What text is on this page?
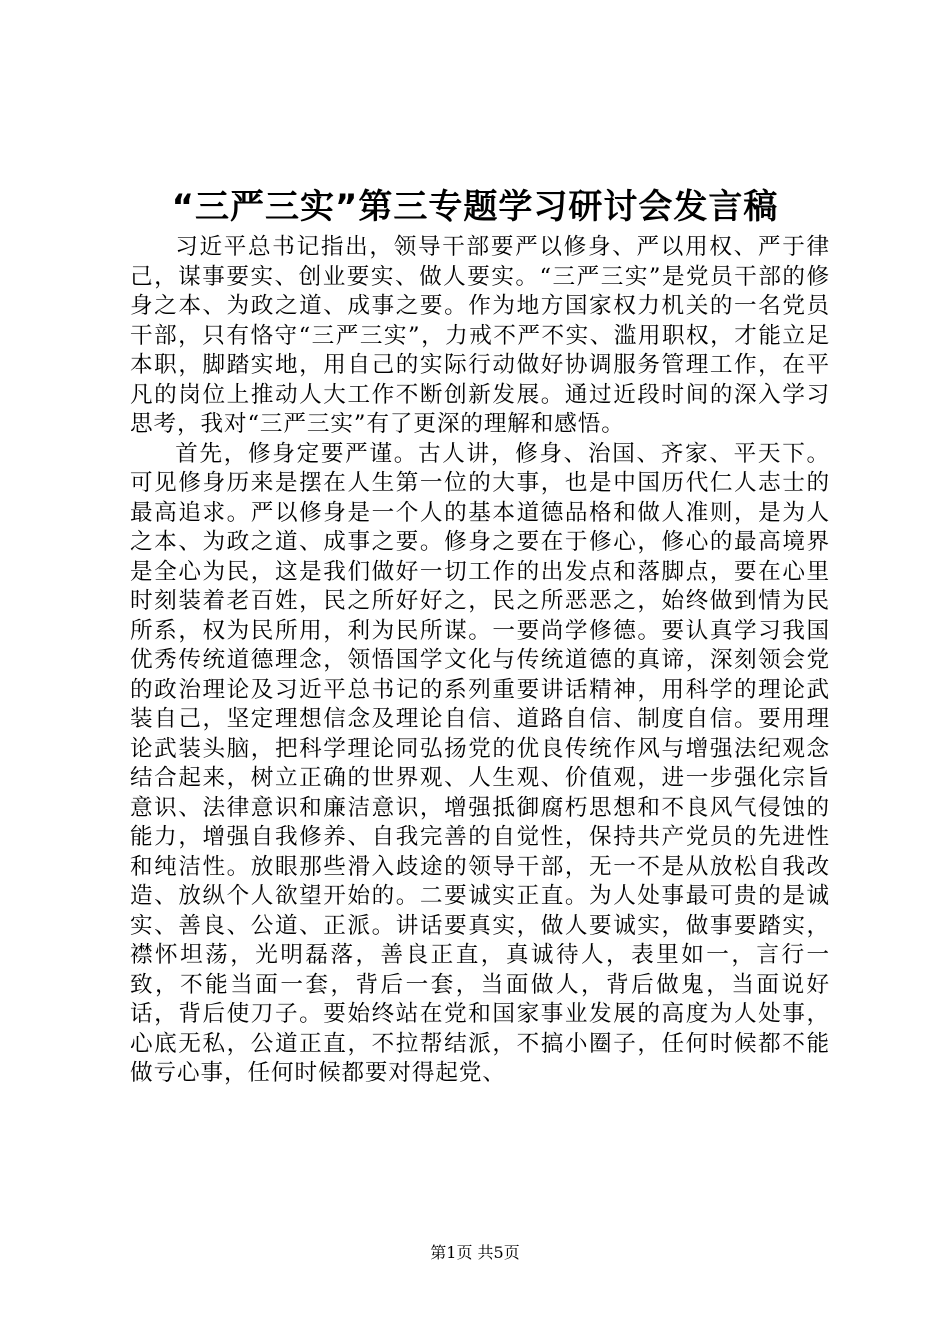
“三严三实”第三专题学习研讨会发言稿

习近平总书记指出，领导干部要严以修身、严以用权、严于律己，谋事要实、创业要实、做人要实。“三严三实”是党员干部的修身之本、为政之道、成事之要。作为地方国家权力机关的一名党员干部，只有恪守“三严三实”，力戒不严不实、滥用职权，才能立足本职，脚踏实地，用自己的实际行动做好协调服务管理工作，在平凡的岗位上推动人大工作不断创新发展。通过近段时间的深入学习思考，我对“三严三实”有了更深的理解和感悟。

首先，修身定要严谨。古人讲，修身、治国、齐家、平天下。可见修身历来是摆在人生第一位的大事，也是中国历代仁人志士的最高追求。严以修身是一个人的基本道德品格和做人准则，是为人之本、为政之道、成事之要。修身之要在于修心，修心的最高境界是全心为民，这是我们做好一切工作的出发点和落脚点，要在心里时刻装着老百姓，民之所好好之，民之所恶恶之，始终做到情为民所系，权为民所用，利为民所谋。一要尚学修德。要认真学习我国优秀传统道德理念，领悟国学文化与传统道德的真谛，深刻领会党的政治理论及习近平总书记的系列重要讲话精神，用科学的理论武装自己，坚定理想信念及理论自信、道路自信、制度自信。要用理论武装头脑，把科学理论同弘扬党的优良传统作风与增强法纪观念结合起来，树立正确的世界观、人生观、价值观，进一步强化宗旨意识、法律意识和廉洁意识，增强抵御腐朽思想和不良风气侵蚀的能力，增强自我修养、自我完善的自觉性，保持共产党员的先进性和纯洁性。放眼那些滑入歧途的领导干部，无一不是从放松自我改造、放纵个人欲望开始的。二要诚实正直。为人处事最可贵的是诚实、善良、公道、正派。讲话要真实，做人要诚实，做事要踏实，襟怀坦荡，光明磊落，善良正直，真诚待人，表里如一，言行一致，不能当面一套，背后一套，当面做人，背后做鬼，当面说好话，背后使刀子。要始终站在党和国家事业发展的高度为人处事，心底无私，公道正直，不拉帮结派，不搞小圈子，任何时候都不能做亏心事，任何时候都要对得起党、

第1页 共5页
